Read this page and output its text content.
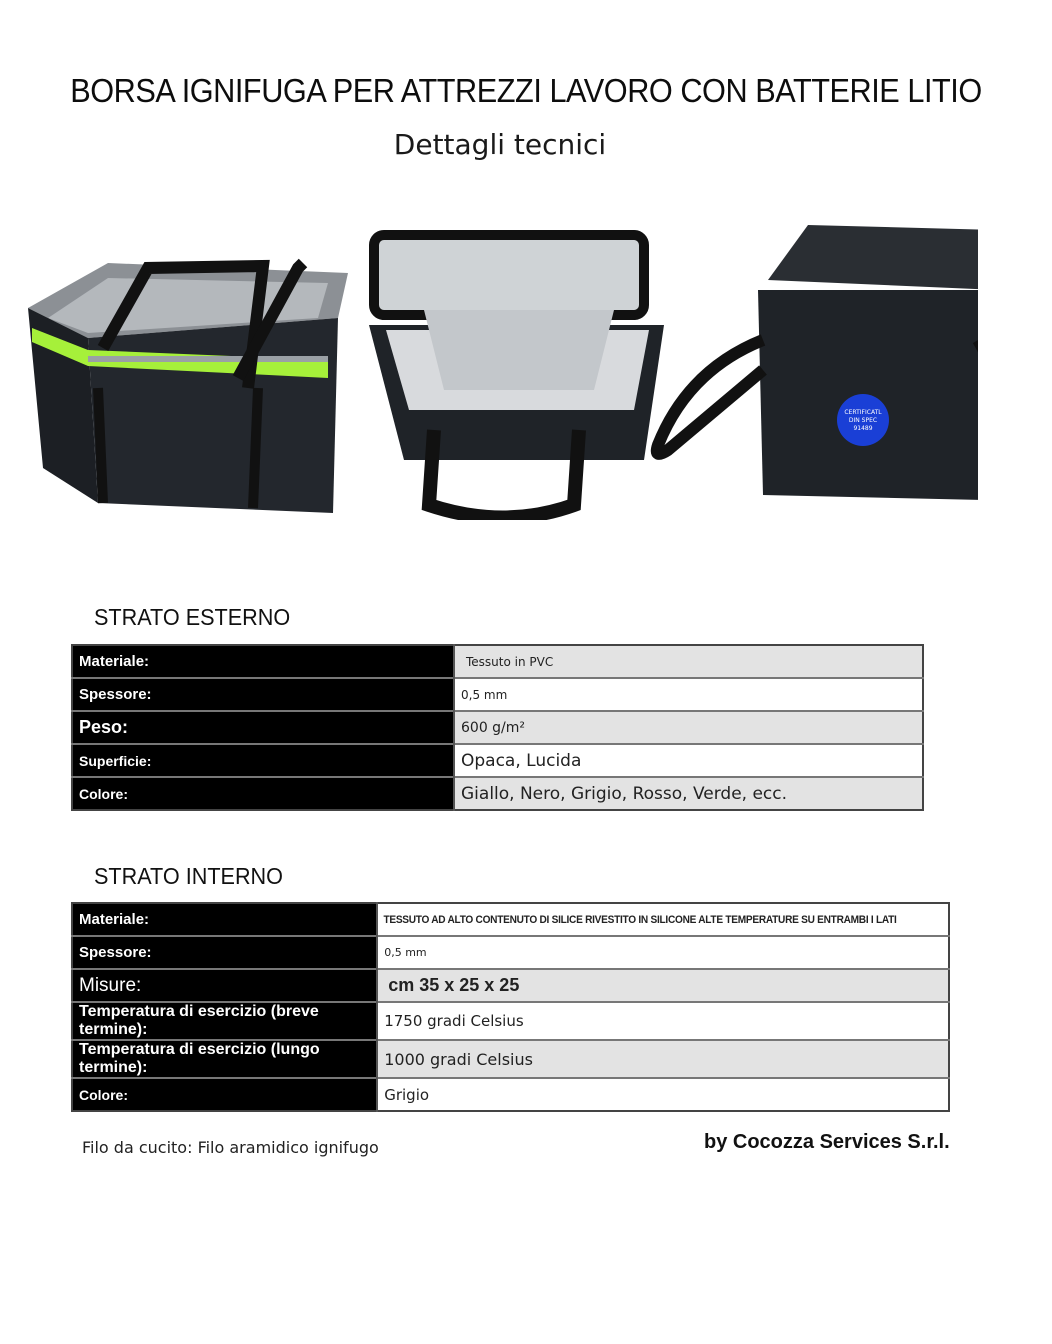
BORSA IGNIFUGA PER ATTREZZI LAVORO CON BATTERIE LITIO
Dettagli tecnici
CERTIFICATL
DIN SPEC
91489
STRATO ESTERNO
Materiale:	Tessuto in PVC
Spessore:	0,5 mm
Peso:	600 g/m²
Superficie:	Opaca, Lucida
Colore:	Giallo, Nero, Grigio, Rosso, Verde, ecc.
STRATO INTERNO
Materiale:	TESSUTO AD ALTO CONTENUTO DI SILICE RIVESTITO IN SILICONE ALTE TEMPERATURE SU ENTRAMBI I LATI
Spessore:	0,5 mm
Misure:	cm 35 x 25 x 25
Temperatura di esercizio (breve termine):	1750 gradi Celsius
Temperatura di esercizio (lungo termine):	1000 gradi Celsius
Colore:	Grigio
Filo da cucito: Filo aramidico ignifugo	by Cocozza Services S.r.l.
